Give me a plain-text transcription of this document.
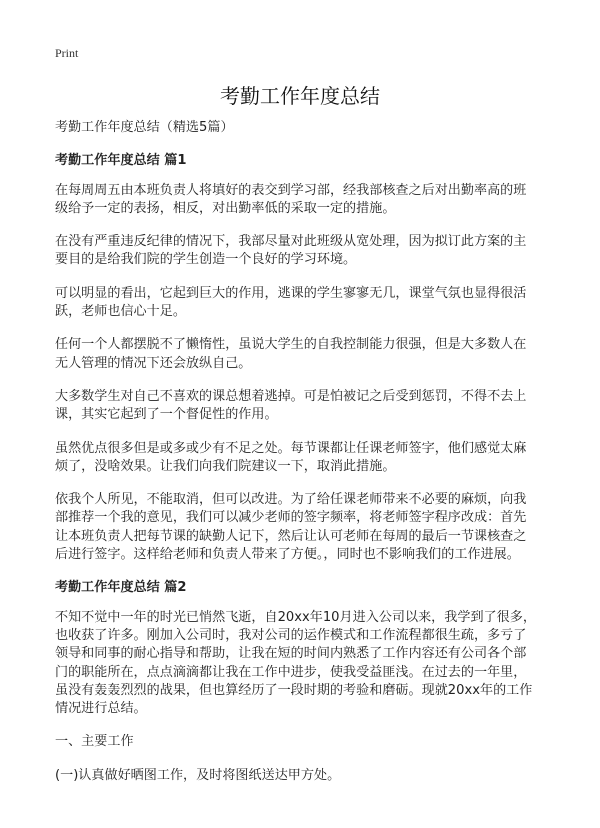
Print
考勤工作年度总结

考勤工作年度总结（精选5篇）

考勤工作年度总结 篇1

在每周周五由本班负责人将填好的表交到学习部，经我部核查之后对出勤率高的班级给予一定的表扬，相反，对出勤率低的采取一定的措施。

在没有严重违反纪律的情况下，我部尽量对此班级从宽处理，因为拟订此方案的主要目的是给我们院的学生创造一个良好的学习环境。

可以明显的看出，它起到巨大的作用，逃课的学生寥寥无几，课堂气氛也显得很活跃，老师也信心十足。

任何一个人都摆脱不了懒惰性，虽说大学生的自我控制能力很强，但是大多数人在无人管理的情况下还会放纵自己。

大多数学生对自己不喜欢的课总想着逃掉。可是怕被记之后受到惩罚，不得不去上课，其实它起到了一个督促性的作用。

虽然优点很多但是或多或少有不足之处。每节课都让任课老师签字，他们感觉太麻烦了，没啥效果。让我们向我们院建议一下，取消此措施。

依我个人所见，不能取消，但可以改进。为了给任课老师带来不必要的麻烦，向我部推荐一个我的意见，我们可以减少老师的签字频率，将老师签字程序改成：首先让本班负责人把每节课的缺勤人记下，然后让认可老师在每周的最后一节课核查之后进行签字。这样给老师和负责人带来了方便。，同时也不影响我们的工作进展。

考勤工作年度总结 篇2

不知不觉中一年的时光已悄然飞逝，自20xx年10月进入公司以来，我学到了很多，也收获了许多。刚加入公司时，我对公司的运作模式和工作流程都很生疏，多亏了领导和同事的耐心指导和帮助，让我在短的时间内熟悉了工作内容还有公司各个部门的职能所在，点点滴滴都让我在工作中进步，使我受益匪浅。在过去的一年里，虽没有轰轰烈烈的战果，但也算经历了一段时期的考验和磨砺。现就20xx年的工作情况进行总结。

一、主要工作

(一)认真做好晒图工作，及时将图纸送达甲方处。
